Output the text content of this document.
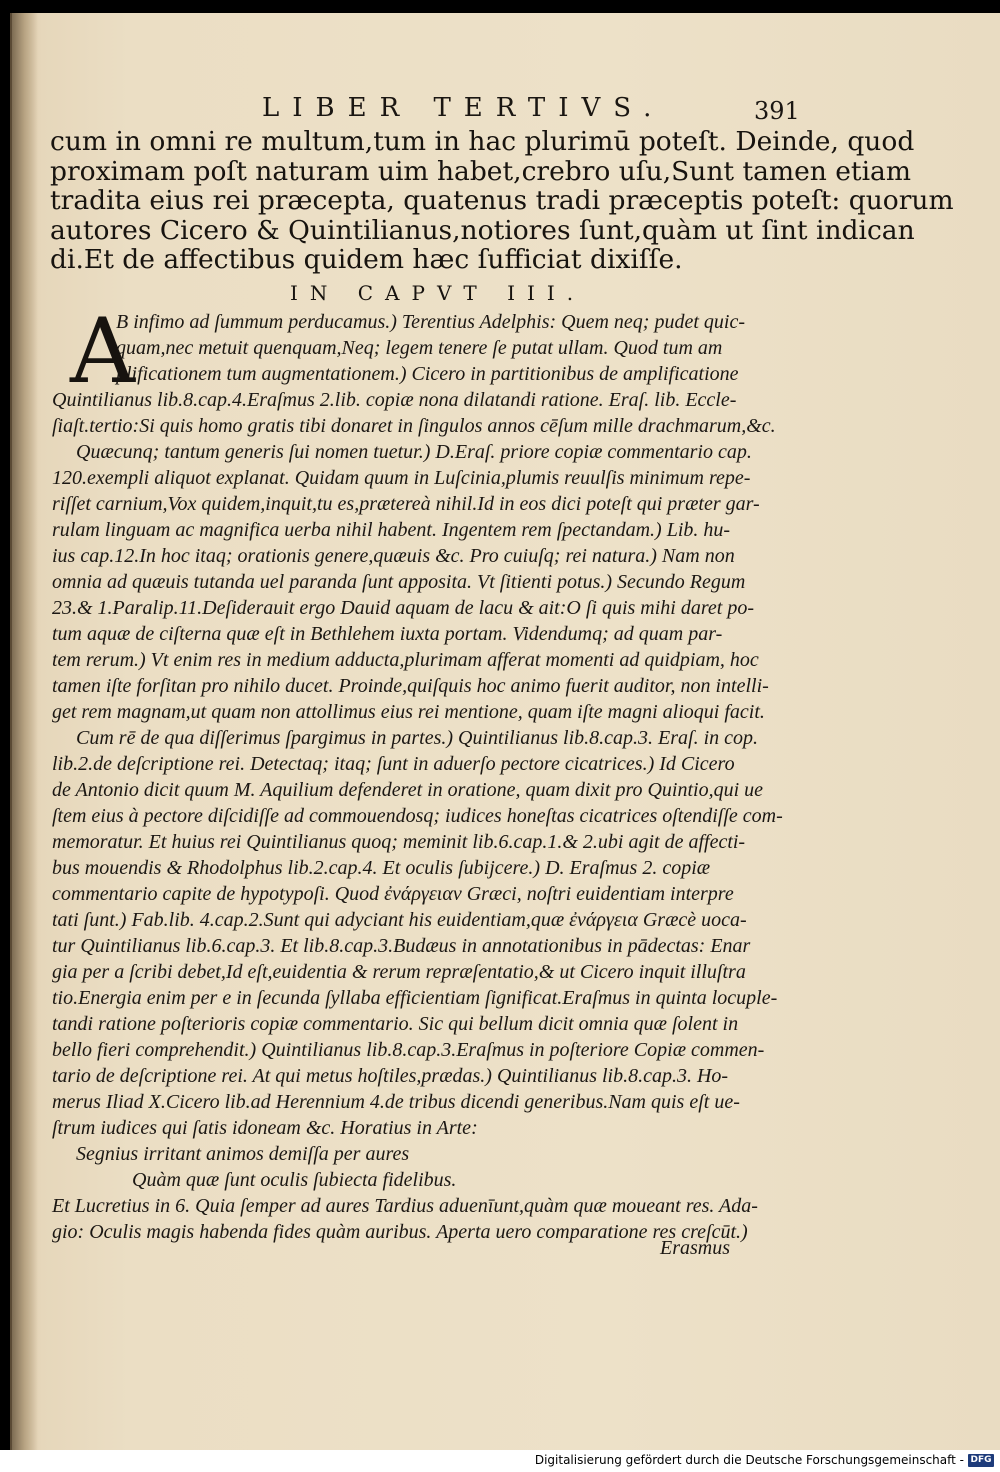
LIBER TERTIVS.	391

cum in omni re multum,tum in hac plurimū poteſt. Deinde, quod

proximam poſt naturam uim habet,crebro uſu,Sunt tamen etiam

tradita eius rei præcepta, quatenus tradi præceptis poteſt: quorum

autores Cicero & Quintilianus,notiores ſunt,quàm ut ſint indican

di.Et de affectibus quidem hæc ſufficiat dixiſſe.

IN CAPVT III.
A

B infimo ad ſummum perducamus.) Terentius Adelphis: Quem neq; pudet quic-

quam,nec metuit quenquam,Neq; legem tenere ſe putat ullam. Quod tum am

plificationem tum augmentationem.) Cicero in partitionibus de amplificatione

Quintilianus lib.8.cap.4.Eraſmus 2.lib. copiæ nona dilatandi ratione. Eraſ. lib. Eccle-

ſiaſt.tertio:Si quis homo gratis tibi donaret in ſingulos annos cēſum mille drachmarum,&c.

Quæcunq; tantum generis ſui nomen tuetur.) D.Eraſ. priore copiæ commentario cap.

120.exempli aliquot explanat. Quidam quum in Luſcinia,plumis reuulſis minimum repe-

riſſet carnium,Vox quidem,inquit,tu es,prætereà nihil.Id in eos dici poteſt qui præter gar-

rulam linguam ac magnifica uerba nihil habent. Ingentem rem ſpectandam.) Lib. hu-

ius cap.12.In hoc itaq; orationis genere,quæuis &c. Pro cuiuſq; rei natura.) Nam non

omnia ad quæuis tutanda uel paranda ſunt apposita. Vt ſitienti potus.) Secundo Regum

23.& 1.Paralip.11.Deſiderauit ergo Dauid aquam de lacu & ait:O ſi quis mihi daret po-

tum aquæ de ciſterna quæ eſt in Bethlehem iuxta portam. Videndumq; ad quam par-

tem rerum.) Vt enim res in medium adducta,plurimam afferat momenti ad quidpiam, hoc

tamen iſte forſitan pro nihilo ducet. Proinde,quiſquis hoc animo fuerit auditor, non intelli-

get rem magnam,ut quam non attollimus eius rei mentione, quam iſte magni alioqui facit.

Cum rē de qua diſſerimus ſpargimus in partes.) Quintilianus lib.8.cap.3. Eraſ. in cop.

lib.2.de deſcriptione rei. Detectaq; itaq; ſunt in aduerſo pectore cicatrices.) Id Cicero

de Antonio dicit quum M. Aquilium defenderet in oratione, quam dixit pro Quintio,qui ue

ſtem eius à pectore diſcidiſſe ad commouendosq; iudices honeſtas cicatrices oſtendiſſe com-

memoratur. Et huius rei Quintilianus quoq; meminit lib.6.cap.1.& 2.ubi agit de affecti-

bus mouendis & Rhodolphus lib.2.cap.4. Et oculis ſubijcere.) D. Eraſmus 2. copiæ

commentario capite de hypotypoſi. Quod ἐνάργειαν Græci, noſtri euidentiam interpre

tati ſunt.) Fab.lib. 4.cap.2.Sunt qui adyciant his euidentiam,quæ ἐνάργεια Græcè uoca-

tur Quintilianus lib.6.cap.3. Et lib.8.cap.3.Budæus in annotationibus in pādectas: Enar

gia per a ſcribi debet,Id eſt,euidentia & rerum repræſentatio,& ut Cicero inquit illuſtra

tio.Energia enim per e in ſecunda ſyllaba efficientiam ſignificat.Eraſmus in quinta locuple-

tandi ratione poſterioris copiæ commentario. Sic qui bellum dicit omnia quæ ſolent in

bello fieri comprehendit.) Quintilianus lib.8.cap.3.Eraſmus in poſteriore Copiæ commen-

tario de deſcriptione rei. At qui metus hoſtiles,prædas.) Quintilianus lib.8.cap.3. Ho-

merus Iliad X.Cicero lib.ad Herennium 4.de tribus dicendi generibus.Nam quis eſt ue-

ſtrum iudices qui ſatis idoneam &c. Horatius in Arte:

Segnius irritant animos demiſſa per aures

Quàm quæ ſunt oculis ſubiecta fidelibus.

Et Lucretius in 6. Quia ſemper ad aures Tardius aduenīunt,quàm quæ moueant res. Ada-

gio: Oculis magis habenda fides quàm auribus. Aperta uero comparatione res creſcūt.)

Erasmus
Digitalisierung gefördert durch die Deutsche Forschungsgemeinschaft - DFG
